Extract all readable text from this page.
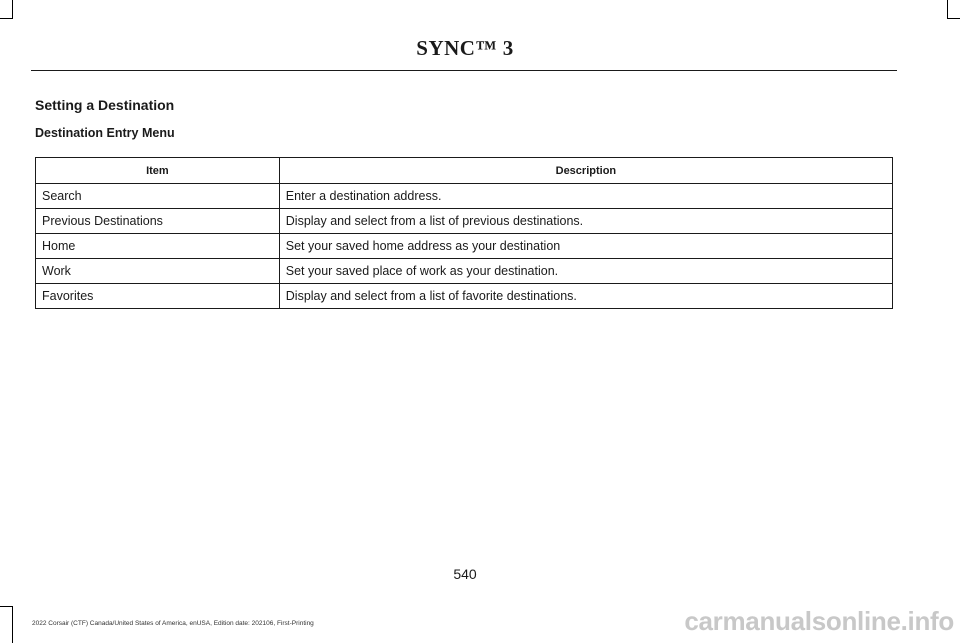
SYNC™ 3
Setting a Destination
Destination Entry Menu
Item	Description
Search	Enter a destination address.
Previous Destinations	Display and select from a list of previous destinations.
Home	Set your saved home address as your destination
Work	Set your saved place of work as your destination.
Favorites	Display and select from a list of favorite destinations.
540
2022 Corsair (CTF) Canada/United States of America, enUSA, Edition date: 202106, First-Printing	carmanualsonline.info
